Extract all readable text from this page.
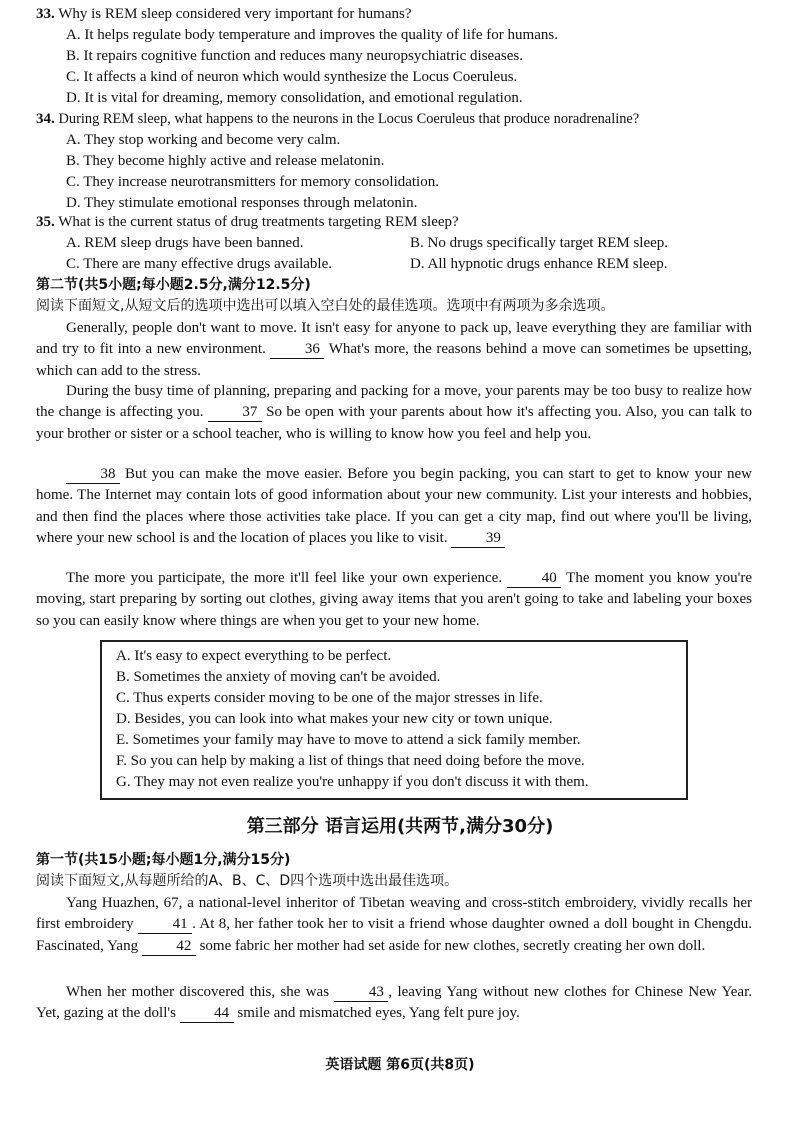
33. Why is REM sleep considered very important for humans?
A. It helps regulate body temperature and improves the quality of life for humans.
B. It repairs cognitive function and reduces many neuropsychiatric diseases.
C. It affects a kind of neuron which would synthesize the Locus Coeruleus.
D. It is vital for dreaming, memory consolidation, and emotional regulation.
34. During REM sleep, what happens to the neurons in the Locus Coeruleus that produce noradrenaline?
A. They stop working and become very calm.
B. They become highly active and release melatonin.
C. They increase neurotransmitters for memory consolidation.
D. They stimulate emotional responses through melatonin.
35. What is the current status of drug treatments targeting REM sleep?
A. REM sleep drugs have been banned.	B. No drugs specifically target REM sleep.
C. There are many effective drugs available.	D. All hypnotic drugs enhance REM sleep.
第二节(共5小题;每小题2.5分,满分12.5分)
阅读下面短文,从短文后的选项中选出可以填入空白处的最佳选项。选项中有两项为多余选项。
Generally, people don't want to move. It isn't easy for anyone to pack up, leave everything they are familiar with and try to fit into a new environment.	36 What's more, the reasons behind a move can sometimes be upsetting, which can add to the stress.
During the busy time of planning, preparing and packing for a move, your parents may be too busy to realize how the change is affecting you.	37 So be open with your parents about how it's affecting you. Also, you can talk to your brother or sister or a school teacher, who is willing to know how you feel and help you.
38 But you can make the move easier. Before you begin packing, you can start to get to know your new home. The Internet may contain lots of good information about your new community. List your interests and hobbies, and then find the places where those activities take place. If you can get a city map, find out where you'll be living, where your new school is and the location of places you like to visit.	39
The more you participate, the more it'll feel like your own experience.	40 The moment you know you're moving, start preparing by sorting out clothes, giving away items that you aren't going to take and labeling your boxes so you can easily know where things are when you get to your new home.
A. It's easy to expect everything to be perfect.
B. Sometimes the anxiety of moving can't be avoided.
C. Thus experts consider moving to be one of the major stresses in life.
D. Besides, you can look into what makes your new city or town unique.
E. Sometimes your family may have to move to attend a sick family member.
F. So you can help by making a list of things that need doing before the move.
G. They may not even realize you're unhappy if you don't discuss it with them.
第三部分 语言运用(共两节,满分30分)
第一节(共15小题;每小题1分,满分15分)
阅读下面短文,从每题所给的A、B、C、D四个选项中选出最佳选项。
Yang Huazhen, 67, a national-level inheritor of Tibetan weaving and cross-stitch embroidery, vividly recalls her first embroidery	41 . At 8, her father took her to visit a friend whose daughter owned a doll bought in Chengdu. Fascinated, Yang	42 some fabric her mother had set aside for new clothes, secretly creating her own doll.
When her mother discovered this, she was	43 , leaving Yang without new clothes for Chinese New Year. Yet, gazing at the doll's	44 smile and mismatched eyes, Yang felt pure joy.
英语试题 第6页(共8页)
